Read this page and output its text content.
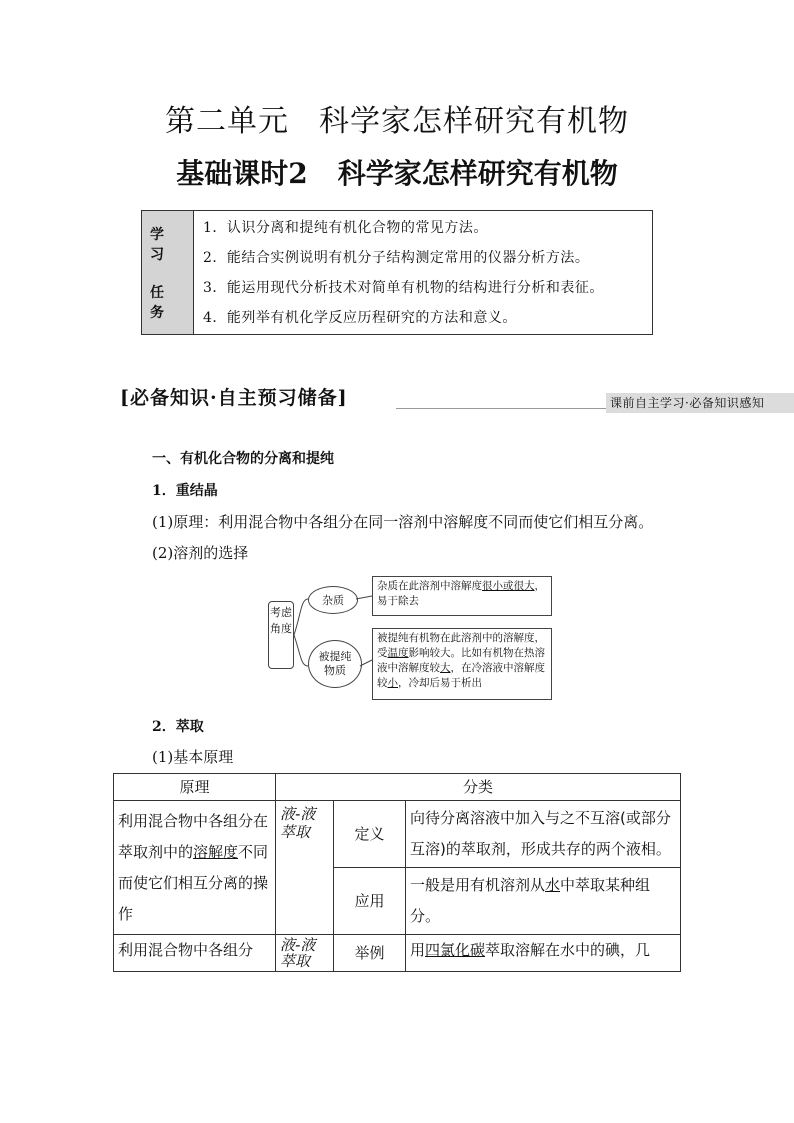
第二单元 科学家怎样研究有机物
基础课时2 科学家怎样研究有机物
学 习
任 务
1．认识分离和提纯有机化合物的常见方法。
2．能结合实例说明有机分子结构测定常用的仪器分析方法。
3．能运用现代分析技术对简单有机物的结构进行分析和表征。
4．能列举有机化学反应历程研究的方法和意义。
[必备知识·自主预习储备]	课前自主学习·必备知识感知
一、有机化合物的分离和提纯
1．重结晶
(1)原理：利用混合物中各组分在同一溶剂中溶解度不同而使它们相互分离。
(2)溶剂的选择
考虑角度
杂质
被提纯
物质
杂质在此溶剂中溶解度很小或很大，易于除去
被提纯有机物在此溶剂中的溶解度，受温度影响较大。比如有机物在热溶液中溶解度较大，在冷溶液中溶解度较小，冷却后易于析出
2．萃取
(1)基本原理
原理	分类		
利用混合物中各组分在萃取剂中的溶解度不同而使它们相互分离的操作	液-液萃取	定义	向待分离溶液中加入与之不互溶(或部分互溶)的萃取剂，形成共存的两个液相。
		应用	一般是用有机溶剂从水中萃取某种组分。
利用混合物中各组分	液-液萃取	举例	用四氯化碳萃取溶解在水中的碘，几
